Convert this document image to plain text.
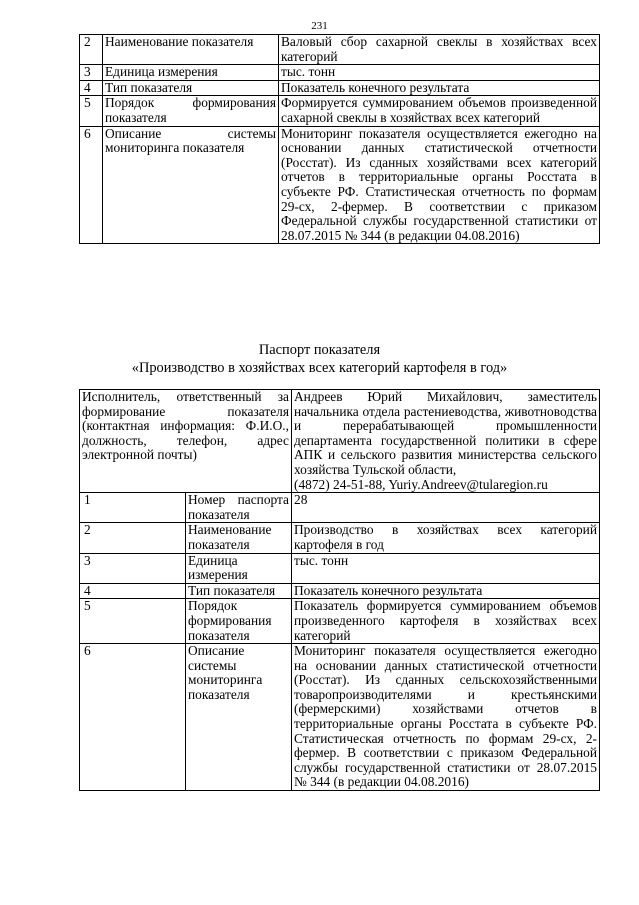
231
2	Наименование показателя	Валовый сбор сахарной свеклы в хозяйствах всех категорий
3	Единица измерения	тыс. тонн
4	Тип показателя	Показатель конечного результата
5	Порядок формирования показателя	Формируется суммированием объемов произведенной сахарной свеклы в хозяйствах всех категорий
6	Описание системы мониторинга показателя	Мониторинг показателя осуществляется ежегодно на основании данных статистической отчетности (Росстат). Из сданных хозяйствами всех категорий отчетов в территориальные органы Росстата в субъекте РФ. Статистическая отчетность по формам 29-сх, 2-фермер. В соответствии с приказом Федеральной службы государственной статистики от 28.07.2015 № 344 (в редакции 04.08.2016)
Паспорт показателя
«Производство в хозяйствах всех категорий картофеля в год»
Исполнитель, ответственный за формирование показателя (контактная информация: Ф.И.О., должность, телефон, адрес электронной почты)		Андреев Юрий Михайлович, заместитель начальника отдела растениеводства, животноводства и перерабатывающей промышленности департамента государственной политики в сфере АПК и сельского развития министерства сельского хозяйства Тульской области,

(4872) 24-51-88, Yuriy.Andreev@tularegion.ru

1	Номер паспорта показателя	28
2	Наименование показателя	Производство в хозяйствах всех категорий картофеля в год
3	Единица измерения	тыс. тонн
4	Тип показателя	Показатель конечного результата
5	Порядок формирования показателя	Показатель формируется суммированием объемов произведенного картофеля в хозяйствах всех категорий
6	Описание системы мониторинга показателя	Мониторинг показателя осуществляется ежегодно на основании данных статистической отчетности (Росстат). Из сданных сельскохозяйственными товаропроизводителями и крестьянскими (фермерскими) хозяйствами отчетов в территориальные органы Росстата в субъекте РФ. Статистическая отчетность по формам 29-сх, 2-фермер. В соответствии с приказом Федеральной службы государственной статистики от 28.07.2015 № 344 (в редакции 04.08.2016)
